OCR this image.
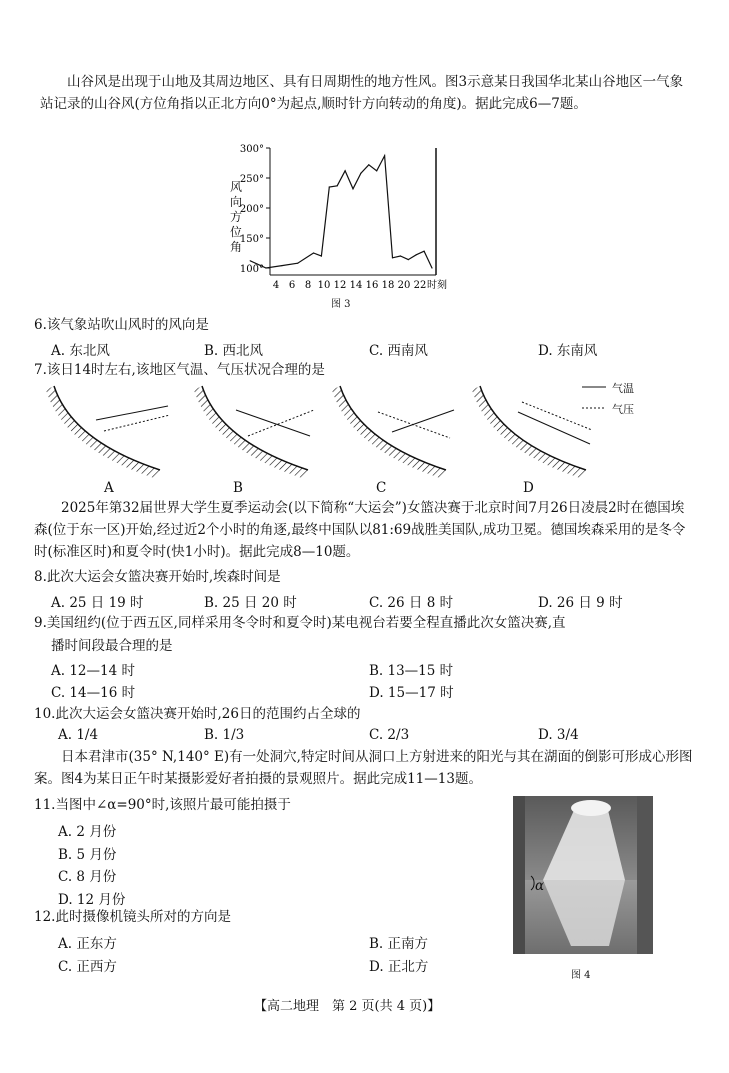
山谷风是出现于山地及其周边地区、具有日周期性的地方性风。图3示意某日我国华北某山谷地区一气象站记录的山谷风(方位角指以正北方向0°为起点,顺时针方向转动的角度)。据此完成6—7题。
风
向
方
位
角
300°
250°
200°
150°
100°
4 6 8 10 12 14 16 18 20 22 时刻
图 3
6.该气象站吹山风时的风向是
A. 东北风	B. 西北风	C. 西南风	D. 东南风
7.该日14时左右,该地区气温、气压状况合理的是
气温
气压
A	B	C	D
2025年第32届世界大学生夏季运动会(以下简称“大运会”)女篮决赛于北京时间7月26日凌晨2时在德国埃森(位于东一区)开始,经过近2个小时的角逐,最终中国队以81:69战胜美国队,成功卫冕。德国埃森采用的是冬令时(标准区时)和夏令时(快1小时)。据此完成8—10题。
8.此次大运会女篮决赛开始时,埃森时间是
A. 25 日 19 时	B. 25 日 20 时	C. 26 日 8 时	D. 26 日 9 时
9.美国纽约(位于西五区,同样采用冬令时和夏令时)某电视台若要全程直播此次女篮决赛,直
播时间段最合理的是
A. 12—14 时	B. 13—15 时
C. 14—16 时	D. 15—17 时
10.此次大运会女篮决赛开始时,26日的范围约占全球的
A. 1/4	B. 1/3	C. 2/3	D. 3/4
日本君津市(35° N,140° E)有一处洞穴,特定时间从洞口上方射进来的阳光与其在湖面的倒影可形成心形图案。图4为某日正午时某摄影爱好者拍摄的景观照片。据此完成11—13题。
11.当图中∠α=90°时,该照片最可能拍摄于
A. 2 月份
B. 5 月份
C. 8 月份
D. 12 月份
12.此时摄像机镜头所对的方向是
A. 正东方	B. 正南方
C. 正西方	D. 正北方
α
图 4
【高二地理　第 2 页(共 4 页)】
